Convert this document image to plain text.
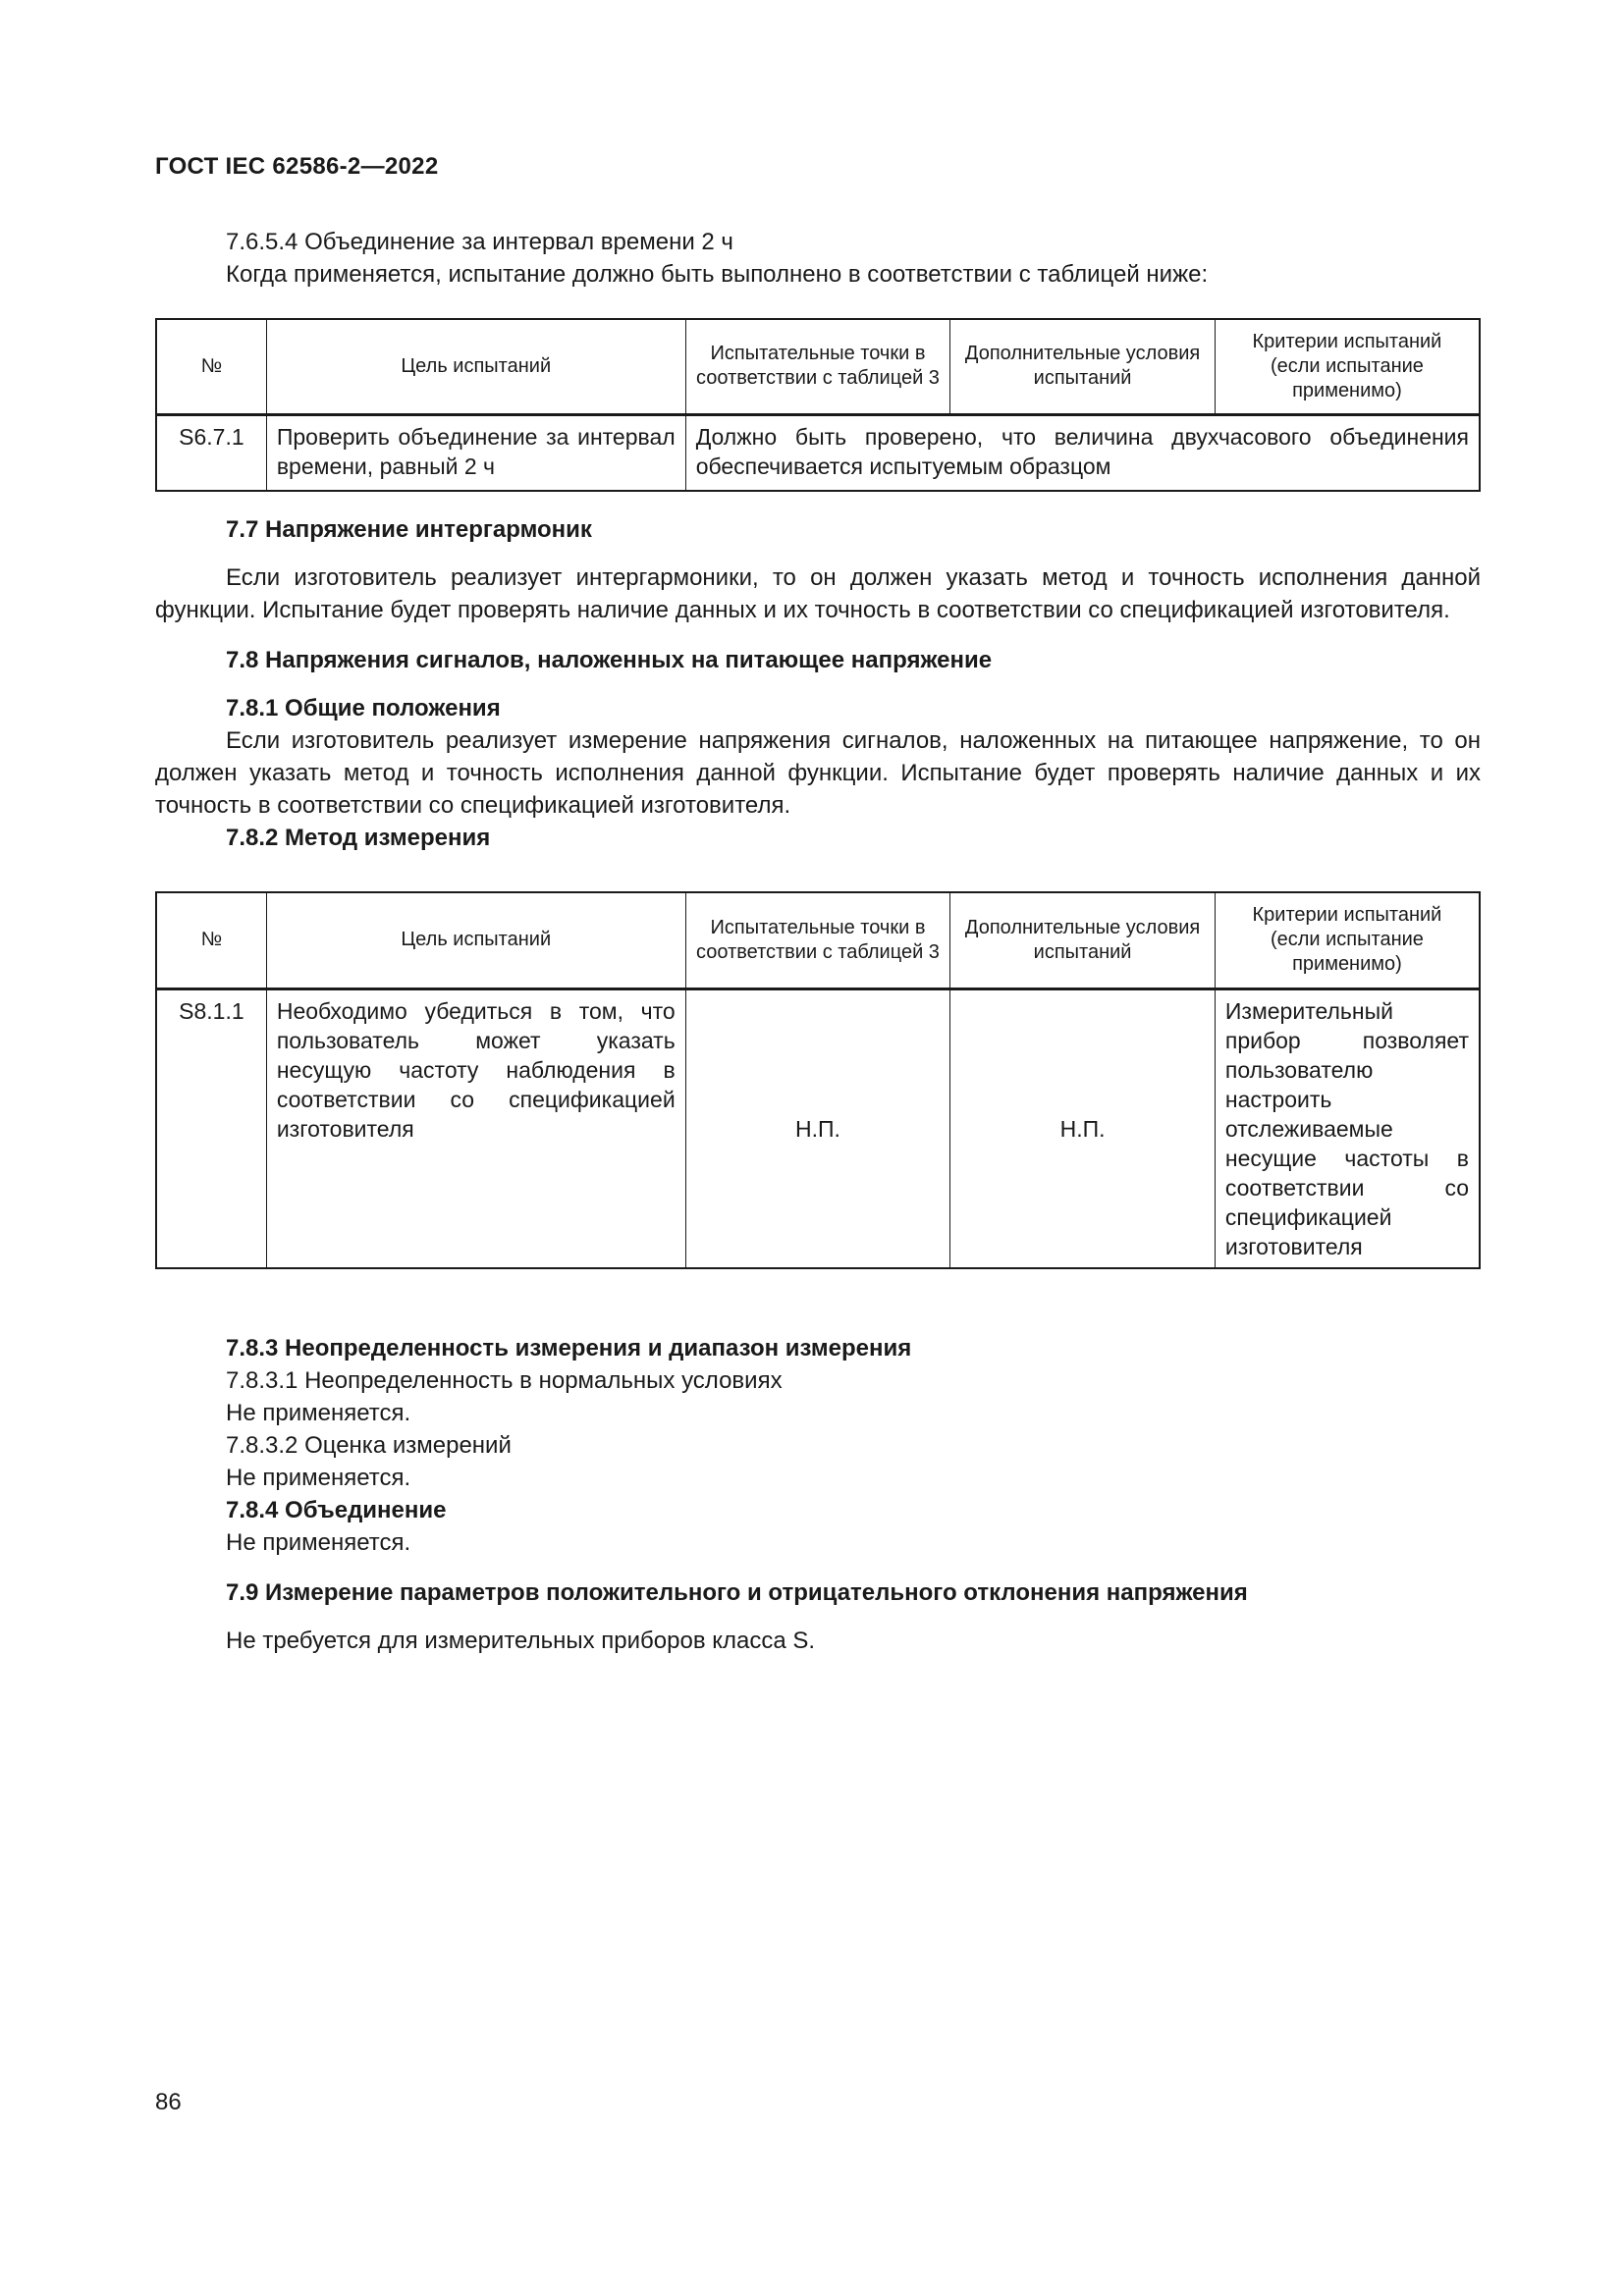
ГОСТ IEC 62586-2—2022

7.6.5.4 Объединение за интервал времени 2 ч

Когда применяется, испытание должно быть выполнено в соответствии с таблицей ниже:

№	Цель испытаний	Испытательные точки в соответствии с таблицей 3	Дополнительные условия испытаний	Критерии испытаний (если испытание применимо)
S6.7.1	Проверить объединение за интервал времени, равный 2 ч	Должно быть проверено, что величина двухчасового объединения обеспечивается испытуемым образцом		

7.7 Напряжение интергармоник

Если изготовитель реализует интергармоники, то он должен указать метод и точность исполнения данной функции. Испытание будет проверять наличие данных и их точность в соответствии со спецификацией изготовителя.

7.8 Напряжения сигналов, наложенных на питающее напряжение

7.8.1 Общие положения

Если изготовитель реализует измерение напряжения сигналов, наложенных на питающее напряжение, то он должен указать метод и точность исполнения данной функции. Испытание будет проверять наличие данных и их точность в соответствии со спецификацией изготовителя.

7.8.2 Метод измерения

№	Цель испытаний	Испытательные точки в соответствии с таблицей 3	Дополнительные условия испытаний	Критерии испытаний (если испытание применимо)
S8.1.1	Необходимо убедиться в том, что пользователь может указать несущую частоту наблюдения в соответствии со спецификацией изготовителя	Н.П.	Н.П.	Измерительный прибор позволяет пользователю настроить отслеживаемые несущие частоты в соответствии со спецификацией изготовителя

7.8.3 Неопределенность измерения и диапазон измерения

7.8.3.1 Неопределенность в нормальных условиях

Не применяется.

7.8.3.2 Оценка измерений

Не применяется.

7.8.4 Объединение

Не применяется.

7.9 Измерение параметров положительного и отрицательного отклонения напряжения

Не требуется для измерительных приборов класса S.

86
